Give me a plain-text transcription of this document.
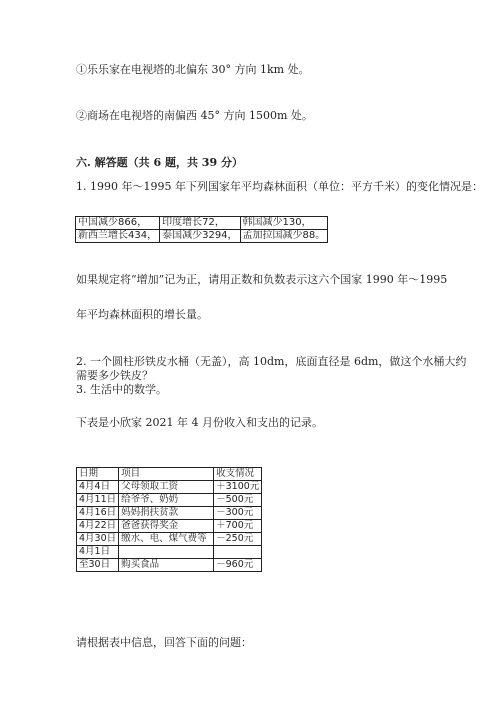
①乐乐家在电视塔的北偏东 30° 方向 1km 处。
②商场在电视塔的南偏西 45° 方向 1500m 处。
六. 解答题（共 6 题，共 39 分）
1. 1990 年～1995 年下列国家年平均森林面积（单位：平方千米）的变化情况是：
中国减少866，	印度增长72，	韩国减少130，
新西兰增长434，	泰国减少3294，	孟加拉国减少88。
如果规定将“增加”记为正，请用正数和负数表示这六个国家 1990 年～1995
年平均森林面积的增长量。
2. 一个圆柱形铁皮水桶（无盖），高 10dm，底面直径是 6dm，做这个水桶大约
需要多少铁皮？
3. 生活中的数学。
下表是小欣家 2021 年 4 月份收入和支出的记录。
日期	项目	收支情况
4月4日	父母领取工资	＋3100元
4月11日	给爷爷、奶奶	－500元
4月16日	妈妈捐扶贫款	－300元
4月22日	爸爸获得奖金	＋700元
4月30日	缴水、电、煤气费等	－250元
4月1日		
至30日	购买食品	－960元
请根据表中信息，回答下面的问题：
